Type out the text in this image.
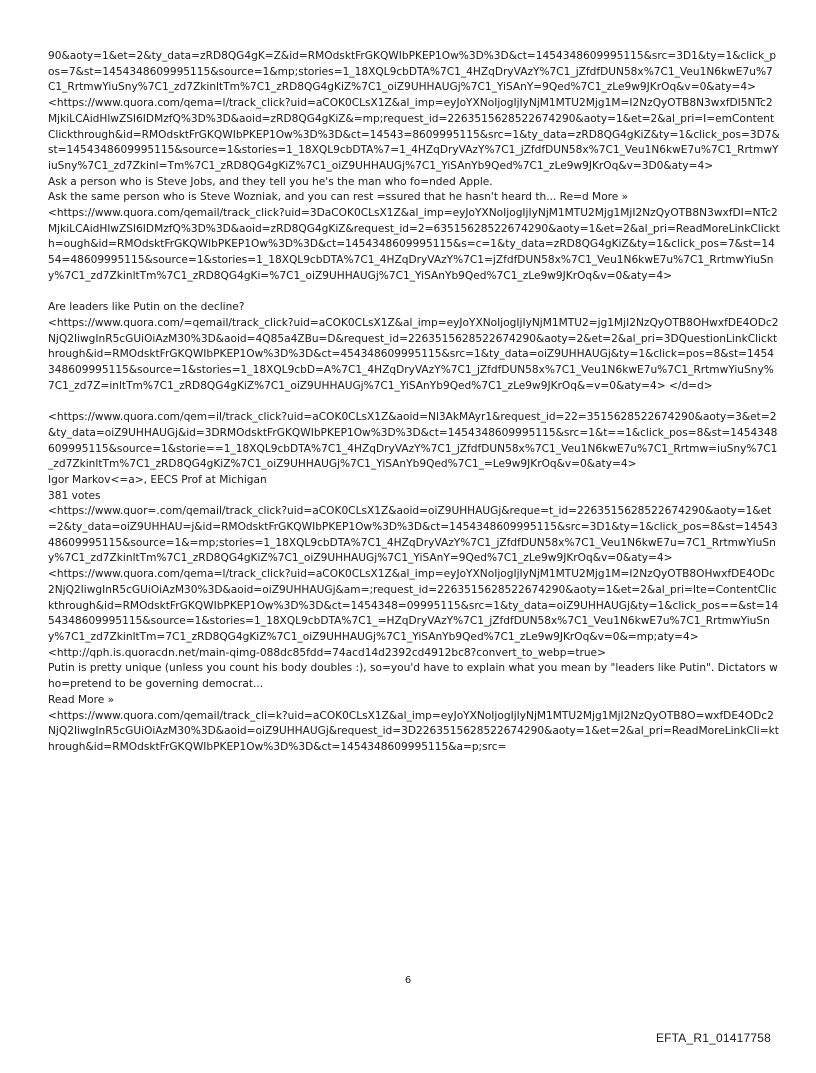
90&aoty=1&et=2&ty_data=zRD8QG4gK=Z&id=RMOdsktFrGKQWIbPKEP1Ow%3D%3D&ct=1454348609995115&src=3D1&ty=1&click_pos=7&st=1454348609995115&source=1&mp;stories=1_18XQL9cbDTA%7C1_4HZqDryVAzY%7C1_jZfdfDUN58x%7C1_Veu1N6kwE7u%7C1_RrtmwYiuSny%7C1_zd7ZkinltTm%7C1_zRD8QG4gKiZ%7C1_oiZ9UHHAUGj%7C1_YiSAnY=9Qed%7C1_zLe9w9JKrOq&v=0&aty=4>

<https://www.quora.com/qema=l/track_click?uid=aCOK0CLsX1Z&al_imp=eyJoYXNoIjogIjIyNjM1MTU2Mjg1M=I2NzQyOTB8N3wxfDI5NTc2MjkiLCAidHlwZSI6IDMzfQ%3D%3D&aoid=zRD8QG4gKiZ&=mp;request_id=226351562852267429​0&aoty=1&et=2&al_pri=I=emContentClickthrough&id=RMOdsktFrGKQWIbPKEP1Ow%3D%3D&ct=14543=8609995115&src=1&ty_data=zRD8QG4gKiZ&ty=1&click_pos=3D7&st=1454348609995115&source=1&stories=1_18XQL9cbDTA%7=1_4HZqDryVAzY%7C1_jZfdfDUN58x%7C1_Veu1N6kwE7u%7C1_RrtmwYiuSny%7C1_zd7Zkinl=Tm%7C1_zRD8QG4gKiZ%7C1_oiZ9UHHAUGj%7C1_YiSAnYb9Qed%7C1_zLe9w9JKrOq&v=3D0&aty=4>

Ask a person who is Steve Jobs, and they tell you he's the man who fo=nded Apple.

Ask the same person who is Steve Wozniak, and you can rest =ssured that he hasn't heard th... Re=d More »

<https://www.quora.com/qemail/track_click?uid=3DaCOK0CLsX1Z&al_imp=eyJoYXNoIjogIjIyNjM1MTU2Mjg1MjI2NzQyOTB8N3wxfDI=NTc2MjkiLCAidHlwZSI6IDMzfQ%3D%3D&aoid=zRD8QG4gKiZ&request_id=2=6351562852267429​0&aoty=1&et=2&al_pri=ReadMoreLinkClickth=ough&id=RMOdsktFrGKQWIbPKEP1Ow%3D%3D&ct=1454348609995115&s=c=1&ty_data=zRD8QG4gKiZ&ty=1&click_pos=7&st=1454=48609995115&source=1&stories=1_18XQL9cbDTA%7C1_4HZqDryVAzY%7C1=jZfdfDUN58x%7C1_Veu1N6kwE7u%7C1_RrtmwYiuSny%7C1_zd7ZkinltTm%7C1_zRD8QG4gKi=%7C1_oiZ9UHHAUGj%7C1_YiSAnYb9Qed%7C1_zLe9w9JKrOq&v=0&aty=4>

Are leaders like Putin on the decline?

<https://www.quora.com/=qemail/track_click?uid=aCOK0CLsX1Z&al_imp=eyJoYXNoIjogIjIyNjM1MTU2=jg1MjI2NzQyOTB8OHwxfDE4ODc2NjQ2IiwgInR5cGUiOiAzM30%3D&aoid=4Q85a4ZBu=D&request_id=2263515628522674290&aoty=2&et=2&al_pri=3DQuestionLinkClickthrough&id=RMOdsktFrGKQWIbPKEP1Ow%3D%3D&ct=454348609995115&src=1&ty_data=oiZ9UHHAUGj&ty=1&click=pos=8&st=1454348609995115&source=1&stories=1_18XQL9cbD=A%7C1_4HZqDryVAzY%7C1_jZfdfDUN58x%7C1_Veu1N6kwE7u%7C1_RrtmwYiuSny%7C1_zd7Z=inltTm%7C1_zRD8QG4gKiZ%7C1_oiZ9UHHAUGj%7C1_YiSAnYb9Qed%7C1_zLe9w9JKrOq&=v=0&aty=4> </d=d>

<https://www.quora.com/qem=il/track_click?uid=aCOK0CLsX1Z&aoid=Nl3AkMAyr1&request_id=22=3515628522674290&aoty=3&et=2&ty_data=oiZ9UHHAUGj&id=3DRMOdsktFrGKQWIbPKEP1Ow%3D%3D&ct=1454348609995115&src=1&t==1&click_pos=8&st=1454348609995115&source=1&storie==1_18XQL9cbDTA%7C1_4HZqDryVAzY%7C1_jZfdfDUN58x%7C1_Veu1N6kwE7u%7C1_Rrtmw=iuSny%7C1_zd7ZkinltTm%7C1_zRD8QG4gKiZ%7C1_oiZ9UHHAUGj%7C1_YiSAnYb9Qed%7C1_=Le9w9JKrOq&v=0&aty=4>

Igor Markov<=a>, EECS Prof at Michigan

381 votes

<https://www.quor=.com/qemail/track_click?uid=aCOK0CLsX1Z&aoid=oiZ9UHHAUGj&reque=t_id=226351562852267429​0&aoty=1&et=2&ty_data=oiZ9UHHAU=j&id=RMOdsktFrGKQWIbPKEP1Ow%3D%3D&ct=1454348609995115&src=3D1&ty=1&click_pos=8&st=1454348609995115&source=1&=mp;stories=1_18XQL9cbDTA%7C1_4HZqDryVAzY%7C1_jZfdfDUN58x%7C1_Veu1N6kwE7u=7C1_RrtmwYiuSny%7C1_zd7ZkinltTm%7C1_zRD8QG4gKiZ%7C1_oiZ9UHHAUGj%7C1_YiSAnY=9Qed%7C1_zLe9w9JKrOq&v=0&aty=4>

<https://www.quora.com/qema=l/track_click?uid=aCOK0CLsX1Z&al_imp=eyJoYXNoIjogIjIyNjM1MTU2Mjg1M=I2NzQyOTB8OHwxfDE4ODc2NjQ2IiwgInR5cGUiOiAzM30%3D&aoid=oiZ9UHHAUGj&am=;request_id=226351562852267429​0&aoty=1&et=2&al_pri=Ite=ContentClickthrough&id=RMOdsktFrGKQWIbPKEP1Ow%3D%3D&ct=1454348=09995115&src=1&ty_data=oiZ9UHHAUGj&ty=1&click_pos==&st=1454348609995115&source=1&stories=1_18XQL9cbDTA%7C1_=HZqDryVAzY%7C1_jZfdfDUN58x%7C1_Veu1N6kwE7u%7C1_RrtmwYiuSny%7C1_zd7ZkinltTm=7C1_zRD8QG4gKiZ%7C1_oiZ9UHHAUGj%7C1_YiSAnYb9Qed%7C1_zLe9w9JKrOq&v=0&=mp;aty=4>

<http://qph.is.quoracdn.net/main-qimg-088dc85fdd=74acd14d2392cd4912bc8?convert_to_webp=true>

Putin is pretty unique (unless you count his body doubles :), so=you'd have to explain what you mean by "leaders like Putin". Dictators who=pretend to be governing democrat...

Read More »

<https://www.quora.com/qemail/track_cli=k?uid=aCOK0CLsX1Z&al_imp=eyJoYXNoIjogIjIyNjM1MTU2Mjg1MjI2NzQyOTB8O=wxfDE4ODc2NjQ2IiwgInR5cGUiOiAzM30%3D&aoid=oiZ9UHHAUGj&request_id=3D2263515628522674290&aoty=1&et=2&al_pri=ReadMoreLinkCli=kthrough&id=RMOdsktFrGKQWIbPKEP1Ow%3D%3D&ct=1454348609995115&a=p;src=

6
EFTA_R1_01417758
